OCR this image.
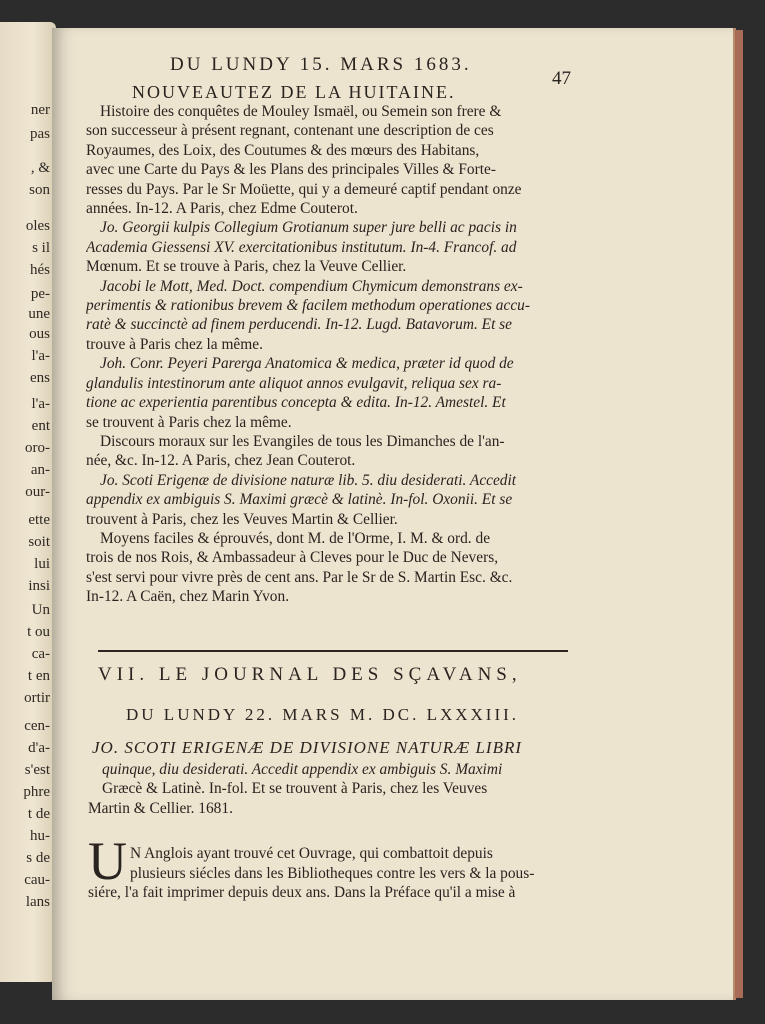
ner
pas
, &
son
oles
s il
hés
pe-
une
ous
l'a-
ens
l'a-
ent
oro-
an-
our-
ette
soit
lui
insi
Un
t ou
ca-
t en
ortir
cen-
d'a-
s'est
phre
t de
hu-
s de
cau-
lans
DU LUNDY 15. MARS 1683.
47
NOUVEAUTEZ DE LA HUITAINE.
Histoire des conquêtes de Mouley Ismaël, ou Semein son frere &
son successeur à présent regnant, contenant une description de ces
Royaumes, des Loix, des Coutumes & des mœurs des Habitans,
avec une Carte du Pays & les Plans des principales Villes & Forte-
resses du Pays. Par le Sr Moüette, qui y a demeuré captif pendant onze
années. In-12. A Paris, chez Edme Couterot.
Jo. Georgii kulpis Collegium Grotianum super jure belli ac pacis in
Academia Giessensi XV. exercitationibus institutum. In-4. Francof. ad
Mœnum. Et se trouve à Paris, chez la Veuve Cellier.
Jacobi le Mott, Med. Doct. compendium Chymicum demonstrans ex-
perimentis & rationibus brevem & facilem methodum operationes accu-
ratè & succinctè ad finem perducendi. In-12. Lugd. Batavorum. Et se
trouve à Paris chez la même.
Joh. Conr. Peyeri Parerga Anatomica & medica, præter id quod de
glandulis intestinorum ante aliquot annos evulgavit, reliqua sex ra-
tione ac experientia parentibus concepta & edita. In-12. Amestel. Et
se trouvent à Paris chez la même.
Discours moraux sur les Evangiles de tous les Dimanches de l'an-
née, &c. In-12. A Paris, chez Jean Couterot.
Jo. Scoti Erigenæ de divisione naturæ lib. 5. diu desiderati. Accedit
appendix ex ambiguis S. Maximi græcè & latinè. In-fol. Oxonii. Et se
trouvent à Paris, chez les Veuves Martin & Cellier.
Moyens faciles & éprouvés, dont M. de l'Orme, I. M. & ord. de
trois de nos Rois, & Ambassadeur à Cleves pour le Duc de Nevers,
s'est servi pour vivre près de cent ans. Par le Sr de S. Martin Esc. &c.
In-12. A Caën, chez Marin Yvon.
VII. LE JOURNAL DES SÇAVANS,
DU LUNDY 22. MARS M. DC. LXXXIII.
JO. SCOTI ERIGENÆ DE DIVISIONE NATURÆ LIBRI
quinque, diu desiderati. Accedit appendix ex ambiguis S. Maximi
Græcè & Latinè. In-fol. Et se trouvent à Paris, chez les Veuves
Martin & Cellier. 1681.
U N Anglois ayant trouvé cet Ouvrage, qui combattoit depuis
plusieurs siécles dans les Bibliotheques contre les vers & la pous-
siére, l'a fait imprimer depuis deux ans. Dans la Préface qu'il a mise à
